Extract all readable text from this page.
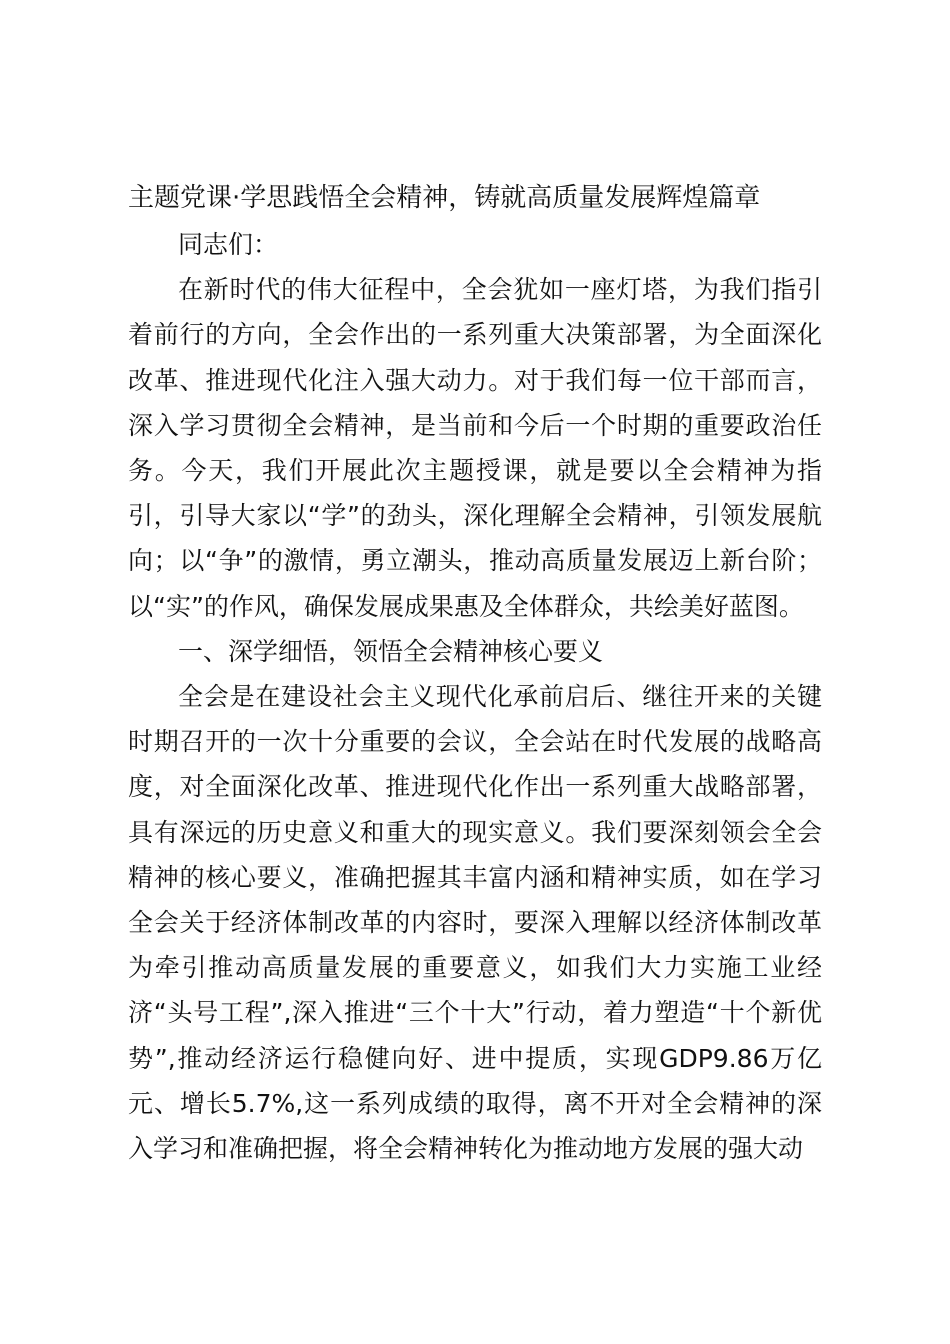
主题党课·学思践悟全会精神，铸就高质量发展辉煌篇章

同志们：

在新时代的伟大征程中，全会犹如一座灯塔，为我们指引着前行的方向，全会作出的一系列重大决策部署，为全面深化改革、推进现代化注入强大动力。对于我们每一位干部而言，深入学习贯彻全会精神，是当前和今后一个时期的重要政治任务。今天，我们开展此次主题授课，就是要以全会精神为指引，引导大家以“学”的劲头，深化理解全会精神，引领发展航向；以“争”的激情，勇立潮头，推动高质量发展迈上新台阶；以“实”的作风，确保发展成果惠及全体群众，共绘美好蓝图。

一、深学细悟，领悟全会精神核心要义

全会是在建设社会主义现代化承前启后、继往开来的关键时期召开的一次十分重要的会议，全会站在时代发展的战略高度，对全面深化改革、推进现代化作出一系列重大战略部署，具有深远的历史意义和重大的现实意义。我们要深刻领会全会精神的核心要义，准确把握其丰富内涵和精神实质，如在学习全会关于经济体制改革的内容时，要深入理解以经济体制改革为牵引推动高质量发展的重要意义，如我们大力实施工业经济“头号工程”,深入推进“三个十大”行动，着力塑造“十个新优势”,推动经济运行稳健向好、进中提质，实现GDP9.86万亿元、增长5.7%,这一系列成绩的取得，离不开对全会精神的深入学习和准确把握，将全会精神转化为推动地方发展的强大动
